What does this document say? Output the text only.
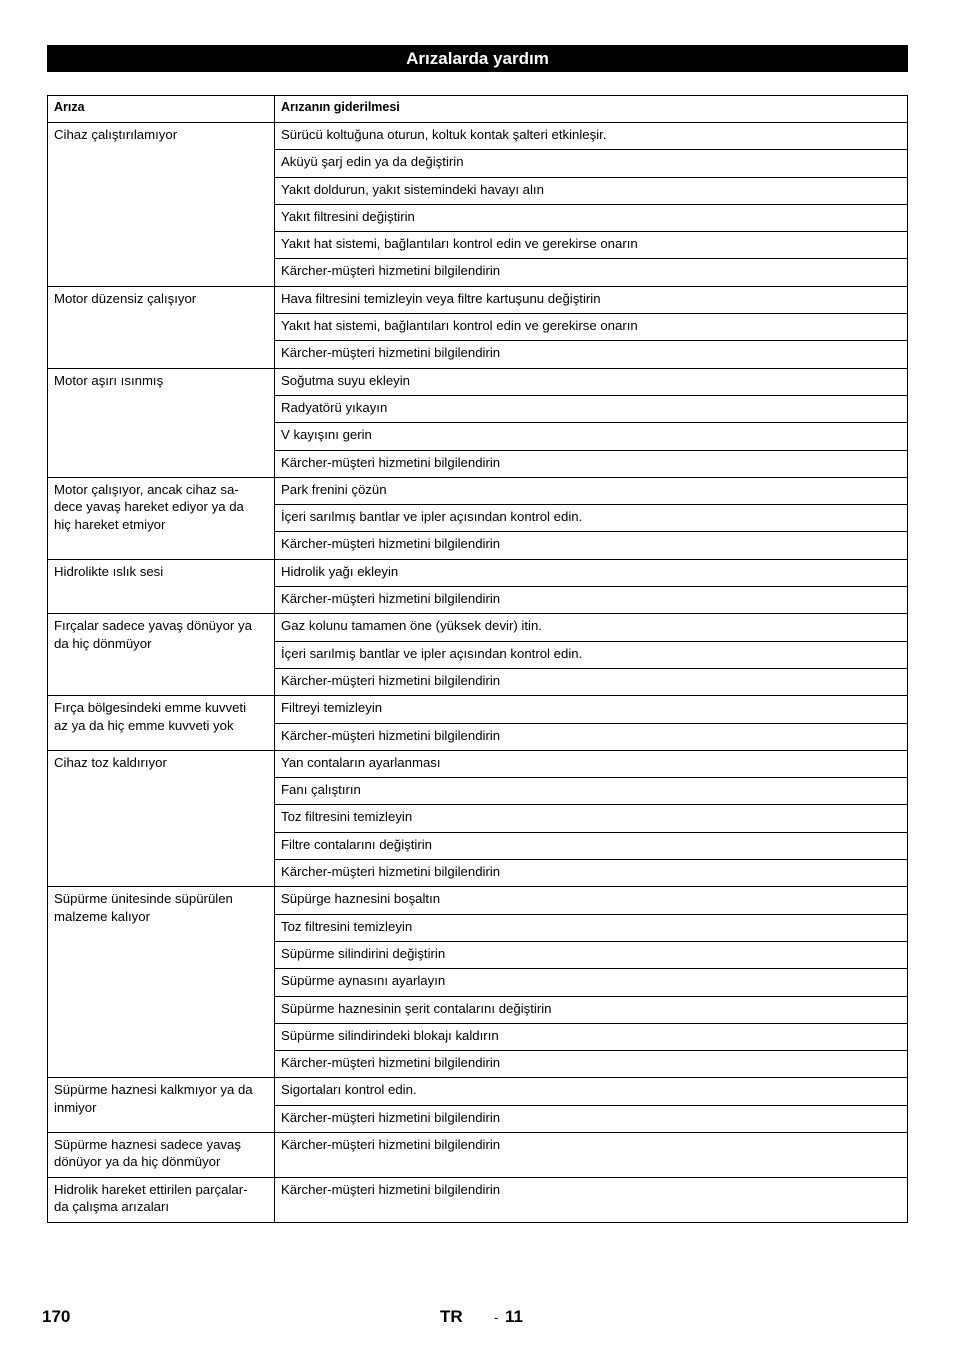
Arızalarda yardım
Arıza	Arızanın giderilmesi
Cihaz çalıştırılamıyor	Sürücü koltuğuna oturun, koltuk kontak şalteri etkinleşir.
	Aküyü şarj edin ya da değiştirin
	Yakıt doldurun, yakıt sistemindeki havayı alın
	Yakıt filtresini değiştirin
	Yakıt hat sistemi, bağlantıları kontrol edin ve gerekirse onarın
	Kärcher-müşteri hizmetini bilgilendirin
Motor düzensiz çalışıyor	Hava filtresini temizleyin veya filtre kartuşunu değiştirin
	Yakıt hat sistemi, bağlantıları kontrol edin ve gerekirse onarın
	Kärcher-müşteri hizmetini bilgilendirin
Motor aşırı ısınmış	Soğutma suyu ekleyin
	Radyatörü yıkayın
	V kayışını gerin
	Kärcher-müşteri hizmetini bilgilendirin
Motor çalışıyor, ancak cihaz sa-
dece yavaş hareket ediyor ya da
hiç hareket etmiyor	Park frenini çözün
	İçeri sarılmış bantlar ve ipler açısından kontrol edin.
	Kärcher-müşteri hizmetini bilgilendirin
Hidrolikte ıslık sesi	Hidrolik yağı ekleyin
	Kärcher-müşteri hizmetini bilgilendirin
Fırçalar sadece yavaş dönüyor ya
da hiç dönmüyor	Gaz kolunu tamamen öne (yüksek devir) itin.
	İçeri sarılmış bantlar ve ipler açısından kontrol edin.
	Kärcher-müşteri hizmetini bilgilendirin
Fırça bölgesindeki emme kuvveti
az ya da hiç emme kuvveti yok	Filtreyi temizleyin
	Kärcher-müşteri hizmetini bilgilendirin
Cihaz toz kaldırıyor	Yan contaların ayarlanması
	Fanı çalıştırın
	Toz filtresini temizleyin
	Filtre contalarını değiştirin
	Kärcher-müşteri hizmetini bilgilendirin
Süpürme ünitesinde süpürülen
malzeme kalıyor	Süpürge haznesini boşaltın
	Toz filtresini temizleyin
	Süpürme silindirini değiştirin
	Süpürme aynasını ayarlayın
	Süpürme haznesinin şerit contalarını değiştirin
	Süpürme silindirindeki blokajı kaldırın
	Kärcher-müşteri hizmetini bilgilendirin
Süpürme haznesi kalkmıyor ya da
inmiyor	Sigortaları kontrol edin.
	Kärcher-müşteri hizmetini bilgilendirin
Süpürme haznesi sadece yavaş
dönüyor ya da hiç dönmüyor	Kärcher-müşteri hizmetini bilgilendirin
Hidrolik hareket ettirilen parçalar-
da çalışma arızaları	Kärcher-müşteri hizmetini bilgilendirin
170	TR - 11
